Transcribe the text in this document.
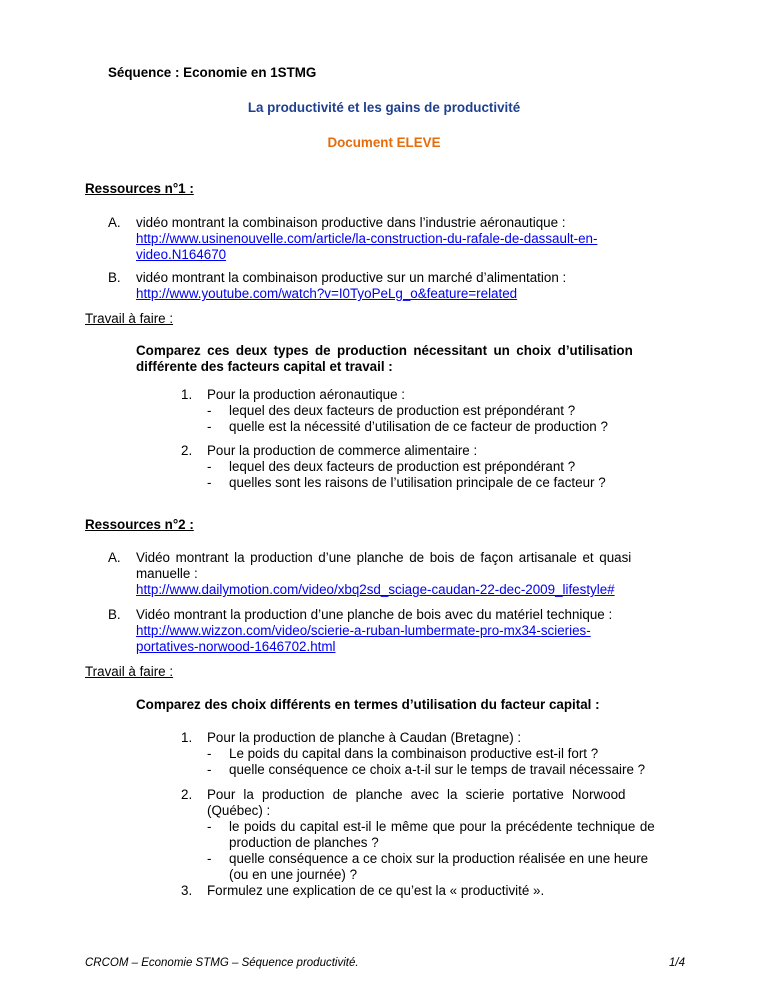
Séquence : Economie en 1STMG
La productivité et les gains de productivité
Document ELEVE
Ressources n°1 :
A. vidéo montrant la combinaison productive dans l’industrie aéronautique :
http://www.usinenouvelle.com/article/la-construction-du-rafale-de-dassault-en-
video.N164670
B. vidéo montrant la combinaison productive sur un marché d’alimentation :
http://www.youtube.com/watch?v=I0TyoPeLg_o&feature=related
Travail à faire :
Comparez ces deux types de production nécessitant un choix d’utilisation
différente des facteurs capital et travail :
1. Pour la production aéronautique :
- lequel des deux facteurs de production est prépondérant ?
- quelle est la nécessité d’utilisation de ce facteur de production ?
2. Pour la production de commerce alimentaire :
- lequel des deux facteurs de production est prépondérant ?
- quelles sont les raisons de l’utilisation principale de ce facteur ?
Ressources n°2 :
A. Vidéo montrant la production d’une planche de bois de façon artisanale et quasi
manuelle :
http://www.dailymotion.com/video/xbq2sd_sciage-caudan-22-dec-2009_lifestyle#
B. Vidéo montrant la production d’une planche de bois avec du matériel technique :
http://www.wizzon.com/video/scierie-a-ruban-lumbermate-pro-mx34-scieries-
portatives-norwood-1646702.html
Travail à faire :
Comparez des choix différents en termes d’utilisation du facteur capital :
1. Pour la production de planche à Caudan (Bretagne) :
- Le poids du capital dans la combinaison productive est-il fort ?
- quelle conséquence ce choix a-t-il sur le temps de travail nécessaire ?
2. Pour la production de planche avec la scierie portative Norwood
(Québec) :
- le poids du capital est-il le même que pour la précédente technique de
production de planches ?
- quelle conséquence a ce choix sur la production réalisée en une heure
(ou en une journée) ?
3. Formulez une explication de ce qu’est la « productivité ».
CRCOM – Economie STMG – Séquence productivité.	1/4
